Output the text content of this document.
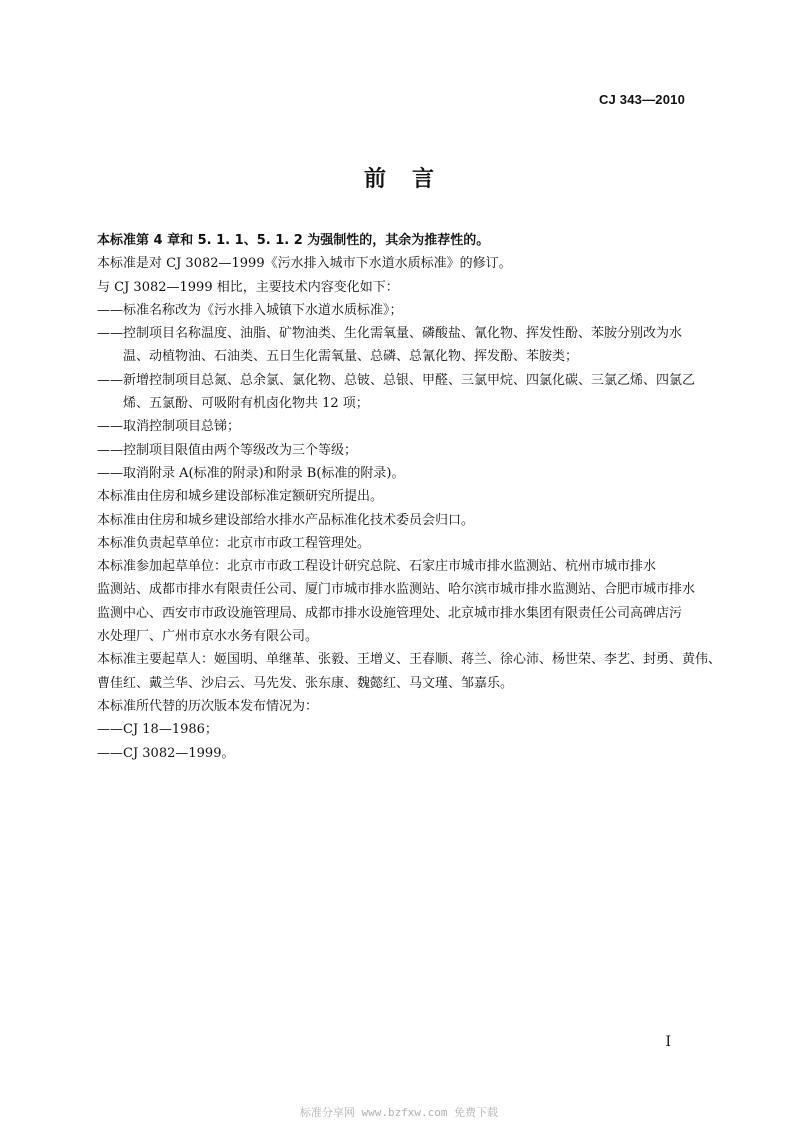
CJ 343—2010
前言

本标准第 4 章和 5. 1. 1、5. 1. 2 为强制性的，其余为推荐性的。

本标准是对 CJ 3082—1999《污水排入城市下水道水质标准》的修订。

与 CJ 3082—1999 相比，主要技术内容变化如下：

——标准名称改为《污水排入城镇下水道水质标准》；

——控制项目名称温度、油脂、矿物油类、生化需氧量、磷酸盐、氰化物、挥发性酚、苯胺分别改为水
温、动植物油、石油类、五日生化需氧量、总磷、总氰化物、挥发酚、苯胺类；

——新增控制项目总氮、总余氯、氯化物、总铍、总银、甲醛、三氯甲烷、四氯化碳、三氯乙烯、四氯乙
烯、五氯酚、可吸附有机卤化物共 12 项；

——取消控制项目总锑；

——控制项目限值由两个等级改为三个等级；

——取消附录 A(标准的附录)和附录 B(标准的附录)。

本标准由住房和城乡建设部标准定额研究所提出。

本标准由住房和城乡建设部给水排水产品标准化技术委员会归口。

本标准负责起草单位：北京市市政工程管理处。

本标准参加起草单位：北京市市政工程设计研究总院、石家庄市城市排水监测站、杭州市城市排水
监测站、成都市排水有限责任公司、厦门市城市排水监测站、哈尔滨市城市排水监测站、合肥市城市排水
监测中心、西安市市政设施管理局、成都市排水设施管理处、北京城市排水集团有限责任公司高碑店污
水处理厂、广州市京水水务有限公司。

本标准主要起草人：姬国明、单继革、张毅、王增义、王春顺、蒋兰、徐心沛、杨世荣、李艺、封勇、黄伟、
曹佳红、戴兰华、沙启云、马先发、张东康、魏懿红、马文瑾、邹嘉乐。

本标准所代替的历次版本发布情况为：

——CJ 18—1986；

——CJ 3082—1999。

I
标准分享网 www.bzfxw.com 免费下载
